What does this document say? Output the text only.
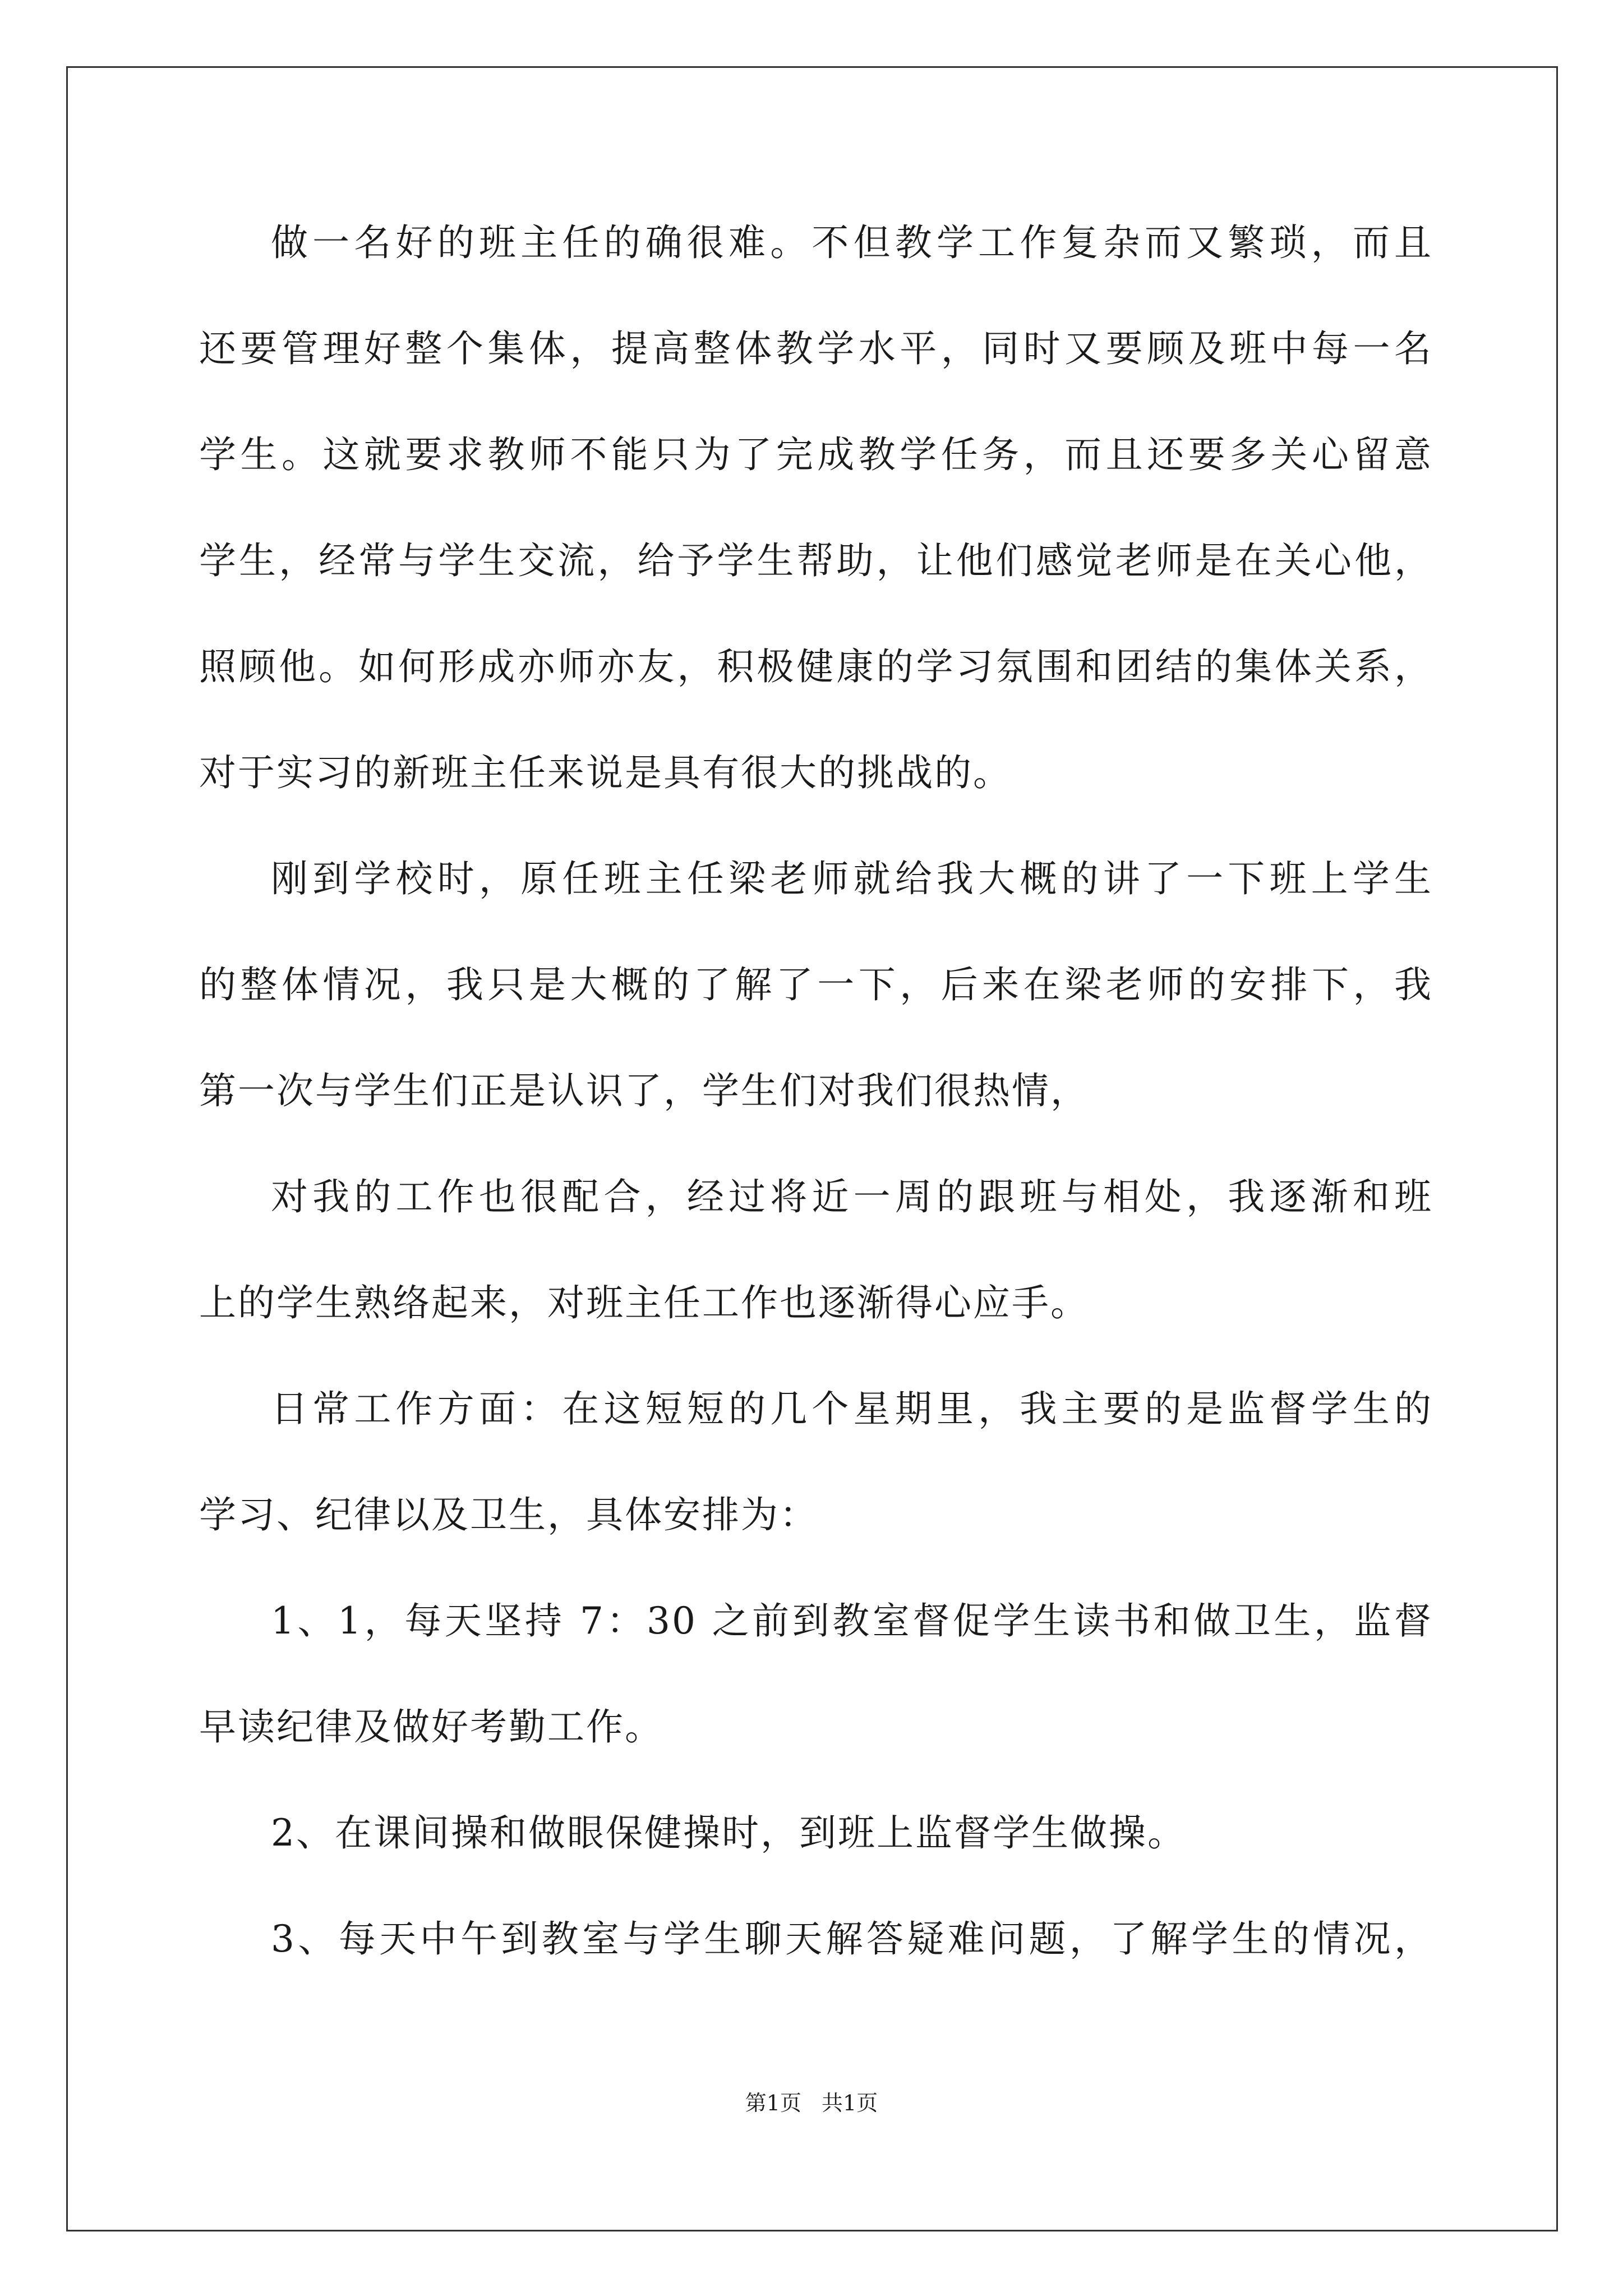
做一名好的班主任的确很难。不但教学工作复杂而又繁琐，而且
还要管理好整个集体，提高整体教学水平，同时又要顾及班中每一名
学生。这就要求教师不能只为了完成教学任务，而且还要多关心留意
学生，经常与学生交流，给予学生帮助，让他们感觉老师是在关心他，
照顾他。如何形成亦师亦友，积极健康的学习氛围和团结的集体关系，
对于实习的新班主任来说是具有很大的挑战的。
刚到学校时，原任班主任梁老师就给我大概的讲了一下班上学生
的整体情况，我只是大概的了解了一下，后来在梁老师的安排下，我
第一次与学生们正是认识了，学生们对我们很热情，
对我的工作也很配合，经过将近一周的跟班与相处，我逐渐和班
上的学生熟络起来，对班主任工作也逐渐得心应手。
日常工作方面：在这短短的几个星期里，我主要的是监督学生的
学习、纪律以及卫生，具体安排为：
1、1，每天坚持 7：30 之前到教室督促学生读书和做卫生，监督
早读纪律及做好考勤工作。
2、在课间操和做眼保健操时，到班上监督学生做操。
3、每天中午到教室与学生聊天解答疑难问题，了解学生的情况，
第1页 共1页
